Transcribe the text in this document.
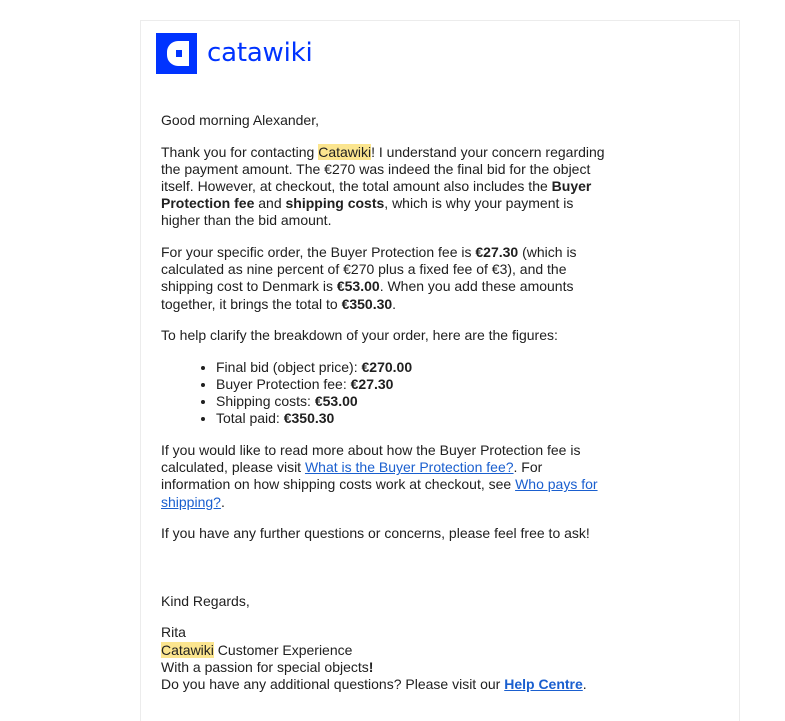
catawiki

Good morning Alexander,

Thank you for contacting Catawiki! I understand your concern regarding the payment amount. The €270 was indeed the final bid for the object itself. However, at checkout, the total amount also includes the Buyer Protection fee and shipping costs, which is why your payment is higher than the bid amount.

For your specific order, the Buyer Protection fee is €27.30 (which is calculated as nine percent of €270 plus a fixed fee of €3), and the shipping cost to Denmark is €53.00. When you add these amounts together, it brings the total to €350.30.

To help clarify the breakdown of your order, here are the figures:

• Final bid (object price): €270.00
• Buyer Protection fee: €27.30
• Shipping costs: €53.00
• Total paid: €350.30

If you would like to read more about how the Buyer Protection fee is calculated, please visit What is the Buyer Protection fee?. For information on how shipping costs work at checkout, see Who pays for shipping?.

If you have any further questions or concerns, please feel free to ask!

Kind Regards,

Rita

Catawiki Customer Experience

With a passion for special objects!

Do you have any additional questions? Please visit our Help Centre.
